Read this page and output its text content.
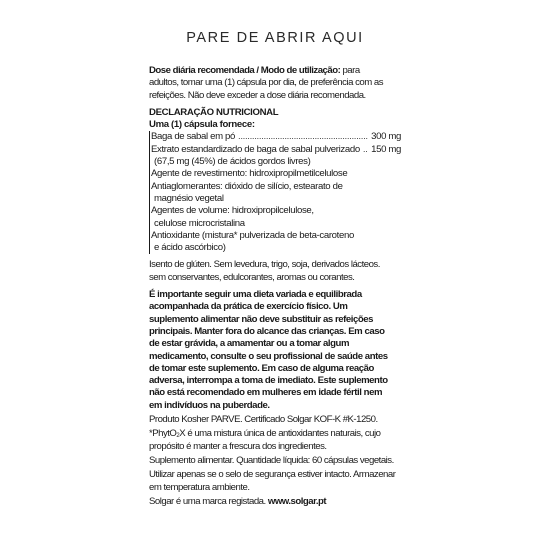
PARE DE ABRIR AQUI
Dose diária recomendada / Modo de utilização: para
adultos, tomar uma (1) cápsula por dia, de preferência com as
refeições. Não deve exceder a dose diária recomendada.
DECLARAÇÃO NUTRICIONAL
Uma (1) cápsula fornece:
Baga de sabal em pó .....	300 mg
Extrato estandardizado de baga de sabal pulverizado ..... 150 mg
(67,5 mg (45%) de ácidos gordos livres)
Agente de revestimento: hidroxipropilmetilcelulose
Antiaglomerantes: dióxido de silício, estearato de
magnésio vegetal
Agentes de volume: hidroxipropilcelulose,
celulose microcristalina
Antioxidante (mistura* pulverizada de beta-caroteno
e ácido ascórbico)
Isento de glúten. Sem levedura, trigo, soja, derivados lácteos.
sem conservantes, edulcorantes, aromas ou corantes.
É importante seguir uma dieta variada e equilibrada
acompanhada da prática de exercício físico. Um
suplemento alimentar não deve substituir as refeições
principais. Manter fora do alcance das crianças. Em caso
de estar grávida, a amamentar ou a tomar algum
medicamento, consulte o seu profissional de saúde antes
de tomar este suplemento. Em caso de alguma reação
adversa, interrompa a toma de imediato. Este suplemento
não está recomendado em mulheres em idade fértil nem
em indivíduos na puberdade.
Produto Kosher PARVE. Certificado Solgar KOF-K #K-1250.
*PhytO$_2$X é uma mistura única de antioxidantes naturais, cujo
propósito é manter a frescura dos ingredientes.
Suplemento alimentar. Quantidade líquida: 60 cápsulas vegetais.
Utilizar apenas se o selo de segurança estiver intacto. Armazenar
em temperatura ambiente.
Solgar é uma marca registada. www.solgar.pt
